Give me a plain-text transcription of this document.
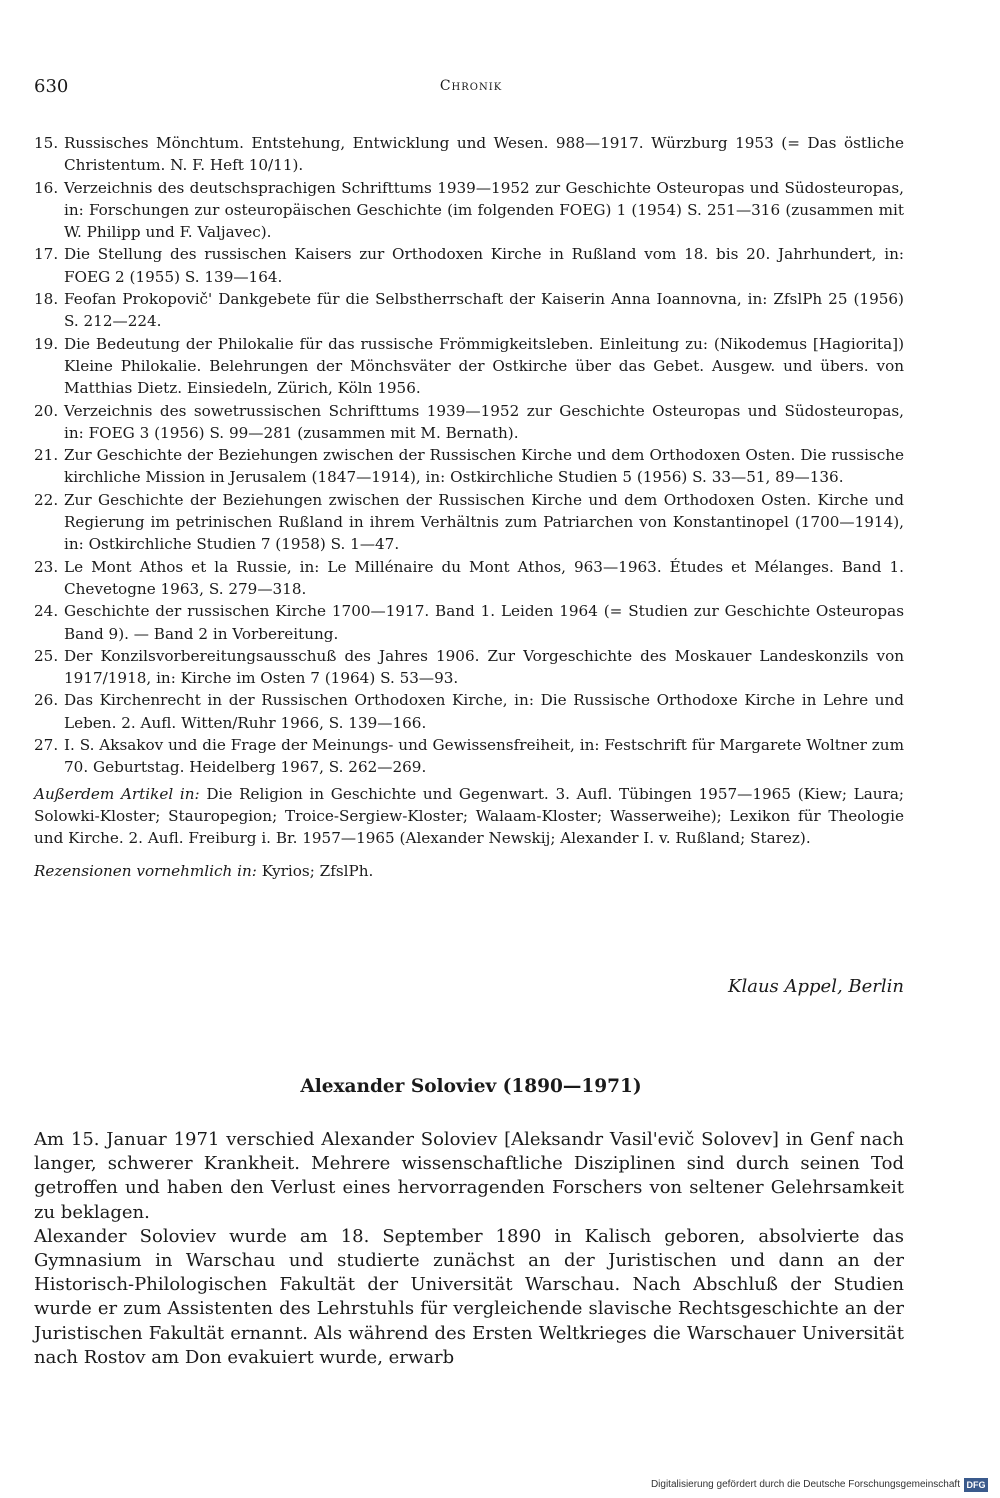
630	Chronik
15. Russisches Mönchtum. Entstehung, Entwicklung und Wesen. 988—1917. Würzburg 1953 (= Das östliche Christentum. N. F. Heft 10/11).
16. Verzeichnis des deutschsprachigen Schrifttums 1939—1952 zur Geschichte Osteuropas und Südosteuropas, in: Forschungen zur osteuropäischen Geschichte (im folgenden FOEG) 1 (1954) S. 251—316 (zusammen mit W. Philipp und F. Valjavec).
17. Die Stellung des russischen Kaisers zur Orthodoxen Kirche in Rußland vom 18. bis 20. Jahrhundert, in: FOEG 2 (1955) S. 139—164.
18. Feofan Prokopovič' Dankgebete für die Selbstherrschaft der Kaiserin Anna Ioannovna, in: ZfslPh 25 (1956) S. 212—224.
19. Die Bedeutung der Philokalie für das russische Frömmigkeitsleben. Einleitung zu: (Nikodemus [Hagiorita]) Kleine Philokalie. Belehrungen der Mönchsväter der Ostkirche über das Gebet. Ausgew. und übers. von Matthias Dietz. Einsiedeln, Zürich, Köln 1956.
20. Verzeichnis des sowetrussischen Schrifttums 1939—1952 zur Geschichte Osteuropas und Südosteuropas, in: FOEG 3 (1956) S. 99—281 (zusammen mit M. Bernath).
21. Zur Geschichte der Beziehungen zwischen der Russischen Kirche und dem Orthodoxen Osten. Die russische kirchliche Mission in Jerusalem (1847—1914), in: Ostkirchliche Studien 5 (1956) S. 33—51, 89—136.
22. Zur Geschichte der Beziehungen zwischen der Russischen Kirche und dem Orthodoxen Osten. Kirche und Regierung im petrinischen Rußland in ihrem Verhältnis zum Patriarchen von Konstantinopel (1700—1914), in: Ostkirchliche Studien 7 (1958) S. 1—47.
23. Le Mont Athos et la Russie, in: Le Millénaire du Mont Athos, 963—1963. Études et Mélanges. Band 1. Chevetogne 1963, S. 279—318.
24. Geschichte der russischen Kirche 1700—1917. Band 1. Leiden 1964 (= Studien zur Geschichte Osteuropas Band 9). — Band 2 in Vorbereitung.
25. Der Konzilsvorbereitungsausschuß des Jahres 1906. Zur Vorgeschichte des Moskauer Landeskonzils von 1917/1918, in: Kirche im Osten 7 (1964) S. 53—93.
26. Das Kirchenrecht in der Russischen Orthodoxen Kirche, in: Die Russische Orthodoxe Kirche in Lehre und Leben. 2. Aufl. Witten/Ruhr 1966, S. 139—166.
27. I. S. Aksakov und die Frage der Meinungs- und Gewissensfreiheit, in: Festschrift für Margarete Woltner zum 70. Geburtstag. Heidelberg 1967, S. 262—269.
Außerdem Artikel in: Die Religion in Geschichte und Gegenwart. 3. Aufl. Tübingen 1957—1965 (Kiew; Laura; Solowki-Kloster; Stauropegion; Troice-Sergiew-Kloster; Walaam-Kloster; Wasserweihe); Lexikon für Theologie und Kirche. 2. Aufl. Freiburg i. Br. 1957—1965 (Alexander Newskij; Alexander I. v. Rußland; Starez).
Rezensionen vornehmlich in: Kyrios; ZfslPh.
Klaus Appel, Berlin
Alexander Soloviev (1890—1971)

Am 15. Januar 1971 verschied Alexander Soloviev [Aleksandr Vasil'evič Solovev] in Genf nach langer, schwerer Krankheit. Mehrere wissenschaftliche Disziplinen sind durch seinen Tod getroffen und haben den Verlust eines hervorragenden Forschers von seltener Gelehrsamkeit zu beklagen.

Alexander Soloviev wurde am 18. September 1890 in Kalisch geboren, absolvierte das Gymnasium in Warschau und studierte zunächst an der Juristischen und dann an der Historisch-Philologischen Fakultät der Universität Warschau. Nach Abschluß der Studien wurde er zum Assistenten des Lehrstuhls für vergleichende slavische Rechtsgeschichte an der Juristischen Fakultät ernannt. Als während des Ersten Weltkrieges die Warschauer Universität nach Rostov am Don evakuiert wurde, erwarb

Digitalisierung gefördert durch die Deutsche Forschungsgemeinschaft DFG
